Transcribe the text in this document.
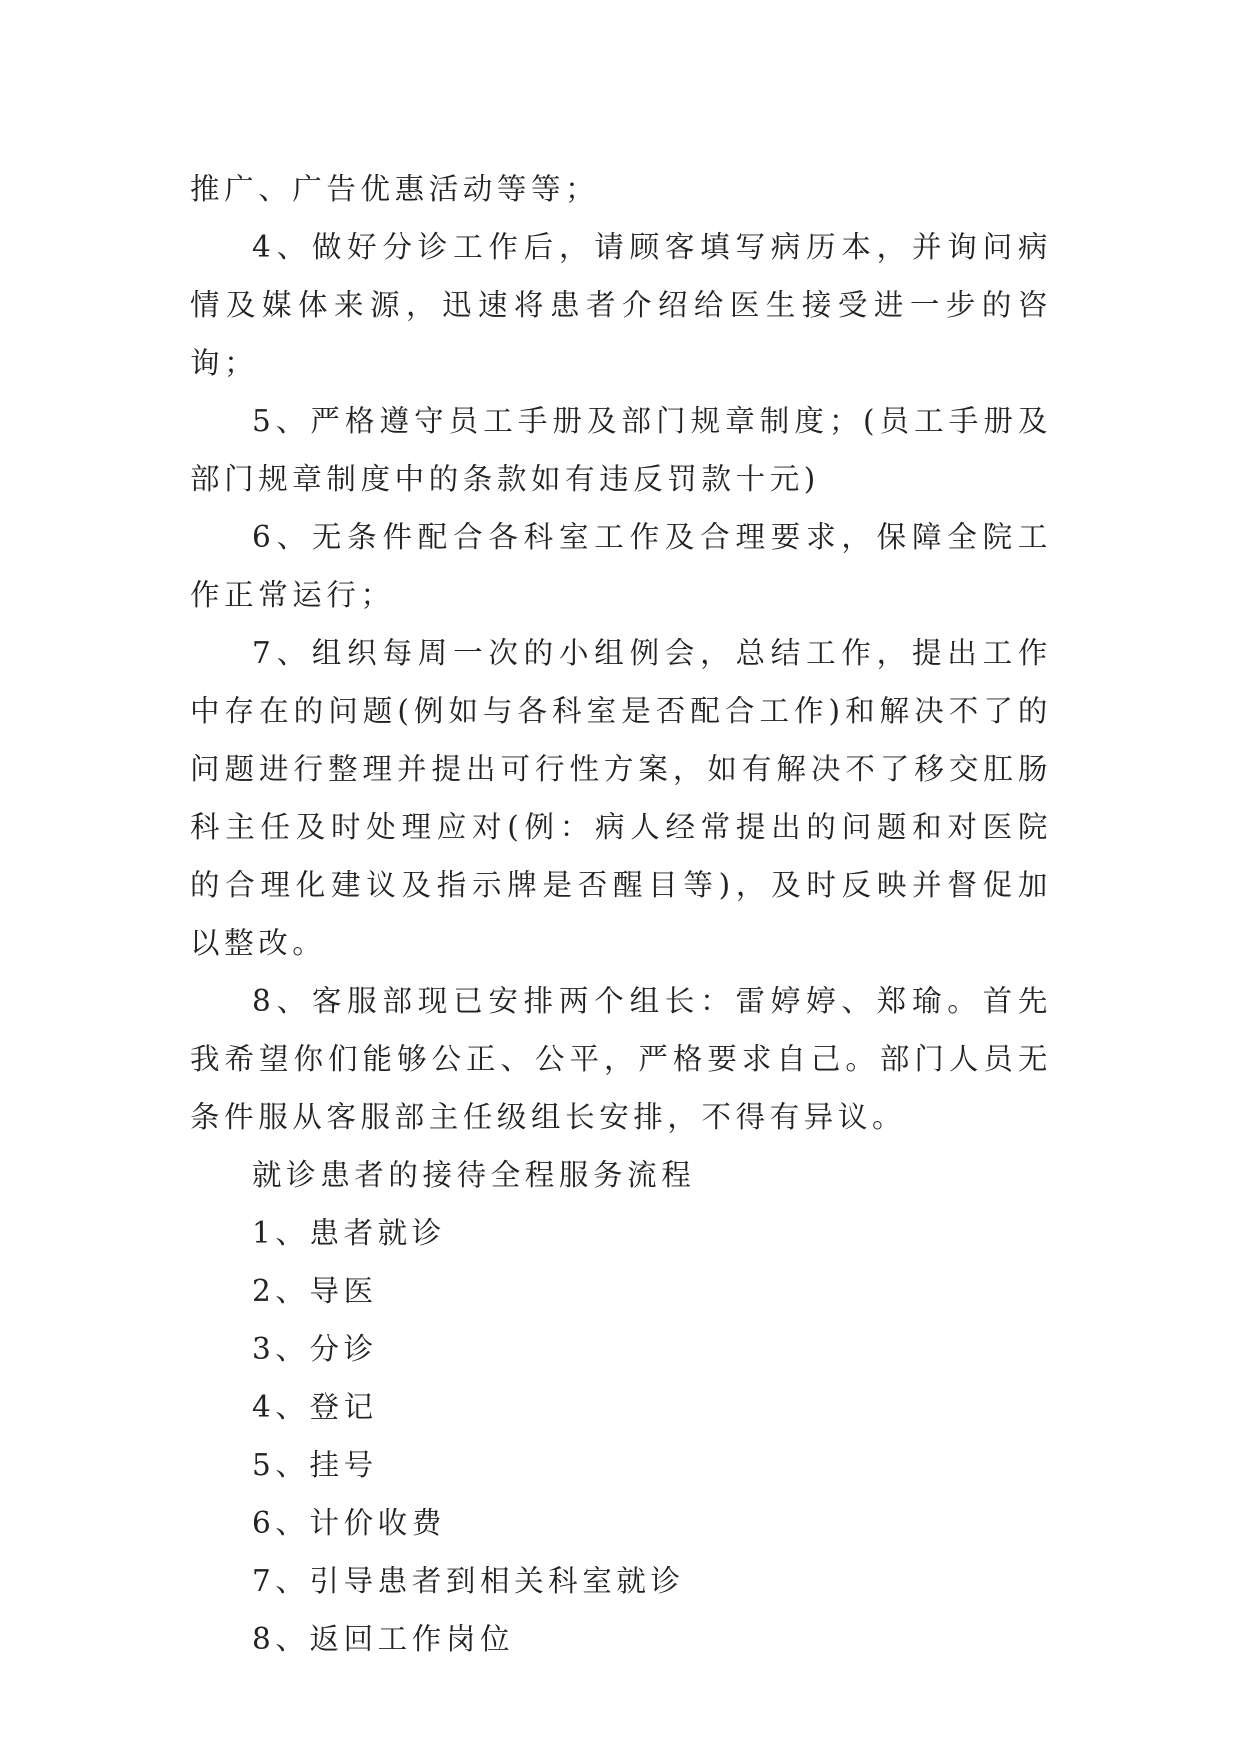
推广、广告优惠活动等等；

4、做好分诊工作后，请顾客填写病历本，并询问病情及媒体来源，迅速将患者介绍给医生接受进一步的咨询；

5、严格遵守员工手册及部门规章制度；(员工手册及部门规章制度中的条款如有违反罚款十元)

6、无条件配合各科室工作及合理要求，保障全院工作正常运行；

7、组织每周一次的小组例会，总结工作，提出工作中存在的问题(例如与各科室是否配合工作)和解决不了的问题进行整理并提出可行性方案，如有解决不了移交肛肠科主任及时处理应对(例：病人经常提出的问题和对医院的合理化建议及指示牌是否醒目等)，及时反映并督促加以整改。

8、客服部现已安排两个组长：雷婷婷、郑瑜。首先我希望你们能够公正、公平，严格要求自己。部门人员无条件服从客服部主任级组长安排，不得有异议。

就诊患者的接待全程服务流程

1、患者就诊

2、导医

3、分诊

4、登记

5、挂号

6、计价收费

7、引导患者到相关科室就诊

8、返回工作岗位
